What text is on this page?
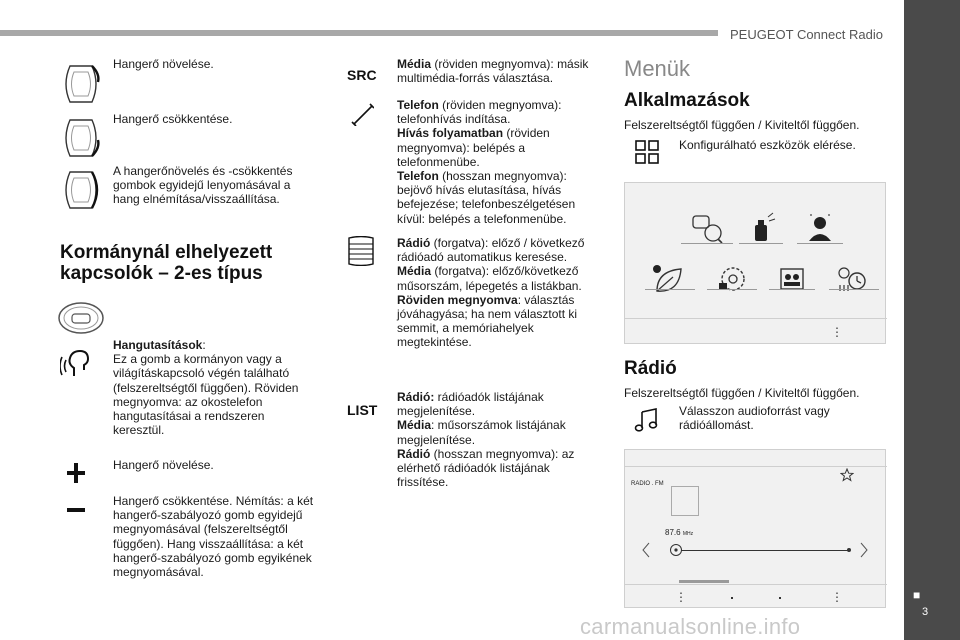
PEUGEOT Connect Radio
■
3
carmanualsonline.info
Hangerő növelése.
Hangerő csökkentése.
A hangerőnövelés és -csökkentés gombok egyidejű lenyomásával a hang elnémítása/visszaállítása.
Kormánynál elhelyezett
kapcsolók – 2-es típus
Hangutasítások:
Ez a gomb a kormányon vagy a világításkapcsoló végén található (felszereltségtől függően). Röviden megnyomva: az okostelefon hangutasításai a rendszeren keresztül.
Hangerő növelése.
Hangerő csökkentése. Némítás: a két hangerő-szabályozó gomb egyidejű megnyomásával (felszereltségtől függően). Hang visszaállítása: a két hangerő-szabályozó gomb egyikének megnyomásával.
SRC
Média (röviden megnyomva): másik multimédia-forrás választása.
Telefon (röviden megnyomva): telefonhívás indítása.
Hívás folyamatban (röviden megnyomva): belépés a telefonmenübe.
Telefon (hosszan megnyomva): bejövő hívás elutasítása, hívás befejezése; telefonbeszélgetésen kívül: belépés a telefonmenübe.
Rádió (forgatva): előző / következő rádióadó automatikus keresése.
Média (forgatva): előző/következő műsorszám, lépegetés a listákban.
Röviden megnyomva: választás jóváhagyása; ha nem választott ki semmit, a memóriahelyek megtekintése.
LIST
Rádió: rádióadók listájának megjelenítése.
Média: műsorszámok listájának megjelenítése.
Rádió (hosszan megnyomva): az elérhető rádióadók listájának frissítése.
Menük
Alkalmazások
Felszereltségtől függően / Kiviteltől függően.
Konfigurálható eszközök elérése.
⋮
Rádió
Felszereltségtől függően / Kiviteltől függően.
Válasszon audioforrást vagy rádióállomást.
RADIO . FM
87.6 MHz
⋮	⋮
